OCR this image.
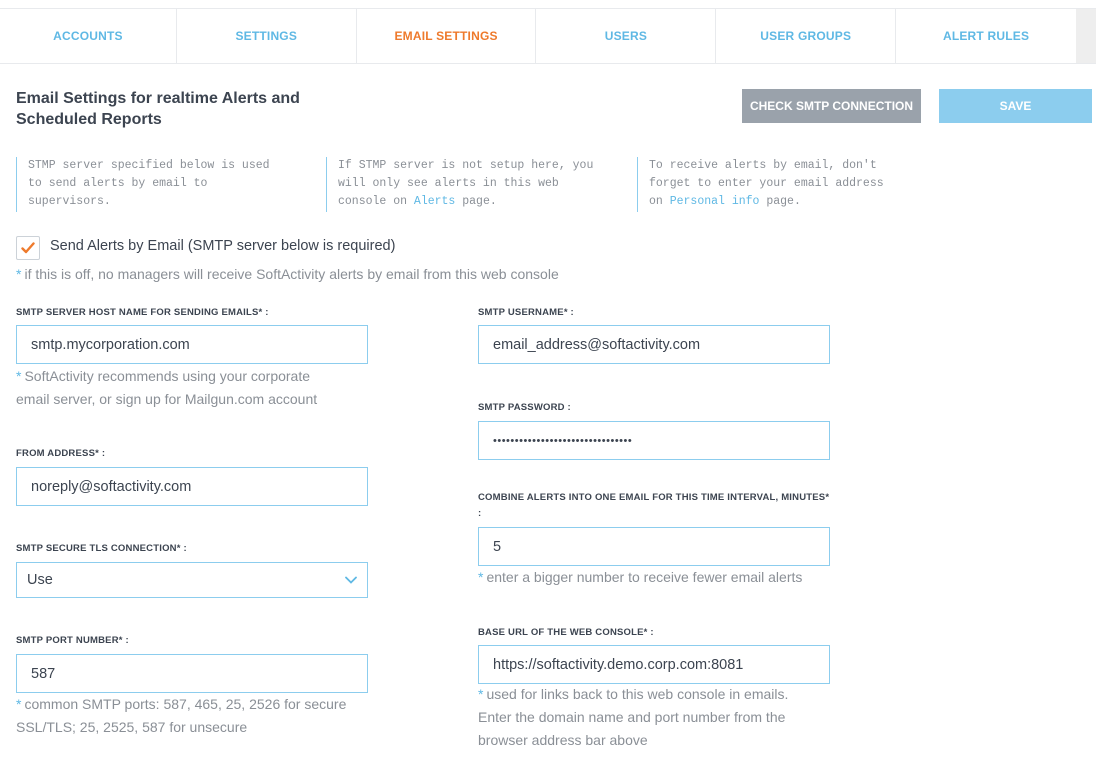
ACCOUNTS	SETTINGS	EMAIL SETTINGS	USERS	USER GROUPS	ALERT RULES
Email Settings for realtime Alerts and
Scheduled Reports
CHECK SMTP CONNECTION	SAVE
STMP server specified below is used
to send alerts by email to
supervisors.
If STMP server is not setup here, you
will only see alerts in this web
console on Alerts page.
To receive alerts by email, don't
forget to enter your email address
on Personal info page.
Send Alerts by Email (SMTP server below is required)
* if this is off, no managers will receive SoftActivity alerts by email from this web console
SMTP SERVER HOST NAME FOR SENDING EMAILS* :
smtp.mycorporation.com
* SoftActivity recommends using your corporate
email server, or sign up for Mailgun.com account
FROM ADDRESS* :
noreply@softactivity.com
SMTP SECURE TLS CONNECTION* :
Use
SMTP PORT NUMBER* :
587
* common SMTP ports: 587, 465, 25, 2526 for secure
SSL/TLS; 25, 2525, 587 for unsecure
SMTP USERNAME* :
email_address@softactivity.com
SMTP PASSWORD :
••••••••••••••••••••••••••••••••
COMBINE ALERTS INTO ONE EMAIL FOR THIS TIME INTERVAL, MINUTES*
:
5
* enter a bigger number to receive fewer email alerts
BASE URL OF THE WEB CONSOLE* :
https://softactivity.demo.corp.com:8081
* used for links back to this web console in emails.
Enter the domain name and port number from the
browser address bar above
